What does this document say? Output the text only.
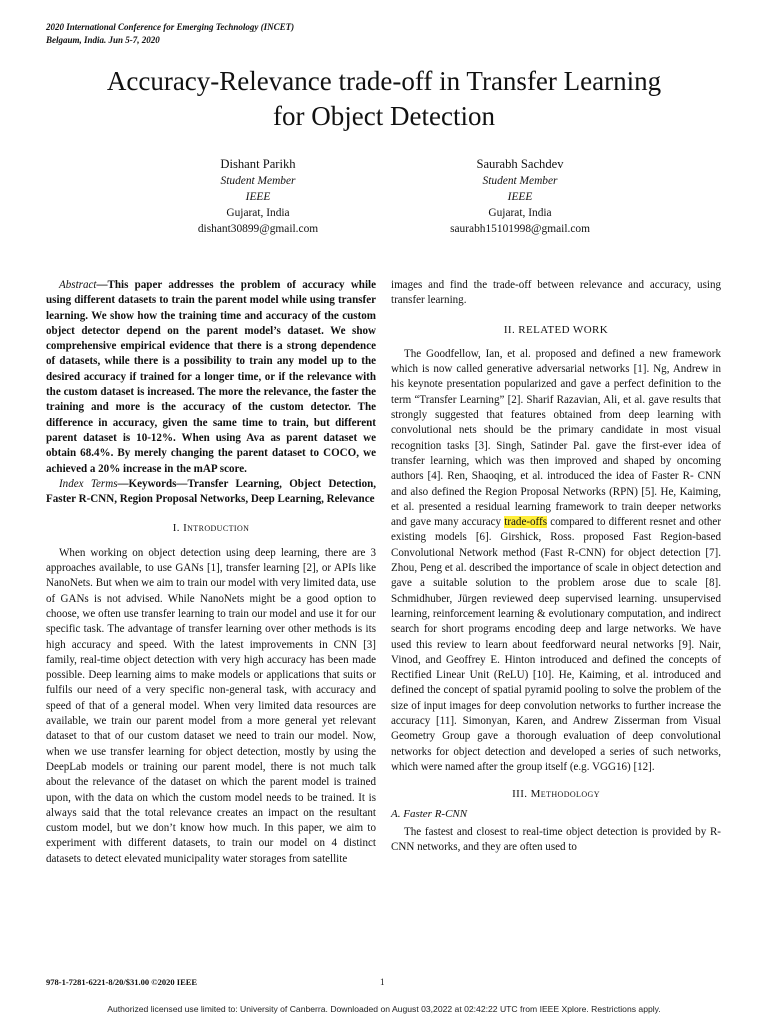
2020 International Conference for Emerging Technology (INCET)
Belgaum, India. Jun 5-7, 2020
Accuracy-Relevance trade-off in Transfer Learning
for Object Detection
Dishant Parikh
Student Member
IEEE
Gujarat, India
dishant30899@gmail.com
Saurabh Sachdev
Student Member
IEEE
Gujarat, India
saurabh15101998@gmail.com

Abstract—This paper addresses the problem of accuracy while using different datasets to train the parent model while using transfer learning. We show how the training time and accuracy of the custom object detector depend on the parent model’s dataset. We show comprehensive empirical evidence that there is a strong dependence of datasets, while there is a possibility to train any model up to the desired accuracy if trained for a longer time, or if the relevance with the custom dataset is increased. The more the relevance, the faster the training and more is the accuracy of the custom detector. The difference in accuracy, given the same time to train, but different parent dataset is 10-12%. When using Ava as parent dataset we obtain 68.4%. By merely changing the parent dataset to COCO, we achieved a 20% increase in the mAP score.

Index Terms—Keywords—Transfer Learning, Object Detection, Faster R-CNN, Region Proposal Networks, Deep Learning, Relevance

I. Introduction

When working on object detection using deep learning, there are 3 approaches available, to use GANs [1], transfer learning [2], or APIs like NanoNets. But when we aim to train our model with very limited data, use of GANs is not advised. While NanoNets might be a good option to choose, we often use transfer learning to train our model and use it for our specific task. The advantage of transfer learning over other methods is its high accuracy and speed. With the latest improvements in CNN [3] family, real-time object detection with very high accuracy has been made possible. Deep learning aims to make models or applications that suits or fulfils our need of a very specific non-general task, with accuracy and speed of that of a general model. When very limited data resources are available, we train our parent model from a more general yet relevant dataset to that of our custom dataset we need to train our model. Now, when we use transfer learning for object detection, mostly by using the DeepLab models or training our parent model, there is not much talk about the relevance of the dataset on which the parent model is trained upon, with the data on which the custom model needs to be trained. It is always said that the total relevance creates an impact on the resultant custom model, but we don’t know how much. In this paper, we aim to experiment with different datasets, to train our model on 4 distinct datasets to detect elevated municipality water storages from satellite

images and find the trade-off between relevance and accuracy, using transfer learning.

II. RELATED WORK

The Goodfellow, Ian, et al. proposed and defined a new framework which is now called generative adversarial networks [1]. Ng, Andrew in his keynote presentation popularized and gave a perfect definition to the term “Transfer Learning” [2]. Sharif Razavian, Ali, et al. gave results that strongly suggested that features obtained from deep learning with convolutional nets should be the primary candidate in most visual recognition tasks [3]. Singh, Satinder Pal. gave the first-ever idea of transfer learning, which was then improved and shaped by oncoming authors [4]. Ren, Shaoqing, et al. introduced the idea of Faster R- CNN and also defined the Region Proposal Networks (RPN) [5]. He, Kaiming, et al. presented a residual learning framework to train deeper networks and gave many accuracy trade-offs compared to different resnet and other existing models [6]. Girshick, Ross. proposed Fast Region-based Convolutional Network method (Fast R-CNN) for object detection [7]. Zhou, Peng et al. described the importance of scale in object detection and gave a suitable solution to the problem arose due to scale [8]. Schmidhuber, Jürgen reviewed deep supervised learning. unsupervised learning, reinforcement learning & evolutionary computation, and indirect search for short programs encoding deep and large networks. We have used this review to learn about feedforward neural networks [9]. Nair, Vinod, and Geoffrey E. Hinton introduced and defined the concepts of Rectified Linear Unit (ReLU) [10]. He, Kaiming, et al. introduced and defined the concept of spatial pyramid pooling to solve the problem of the size of input images for deep convolution networks to further increase the accuracy [11]. Simonyan, Karen, and Andrew Zisserman from Visual Geometry Group gave a thorough evaluation of deep convolutional networks for object detection and developed a series of such networks, which were named after the group itself (e.g. VGG16) [12].

III. Methodology
A. Faster R-CNN

The fastest and closest to real-time object detection is provided by R-CNN networks, and they are often used to

978-1-7281-6221-8/20/$31.00 ©2020 IEEE	1
Authorized licensed use limited to: University of Canberra. Downloaded on August 03,2022 at 02:42:22 UTC from IEEE Xplore. Restrictions apply.
